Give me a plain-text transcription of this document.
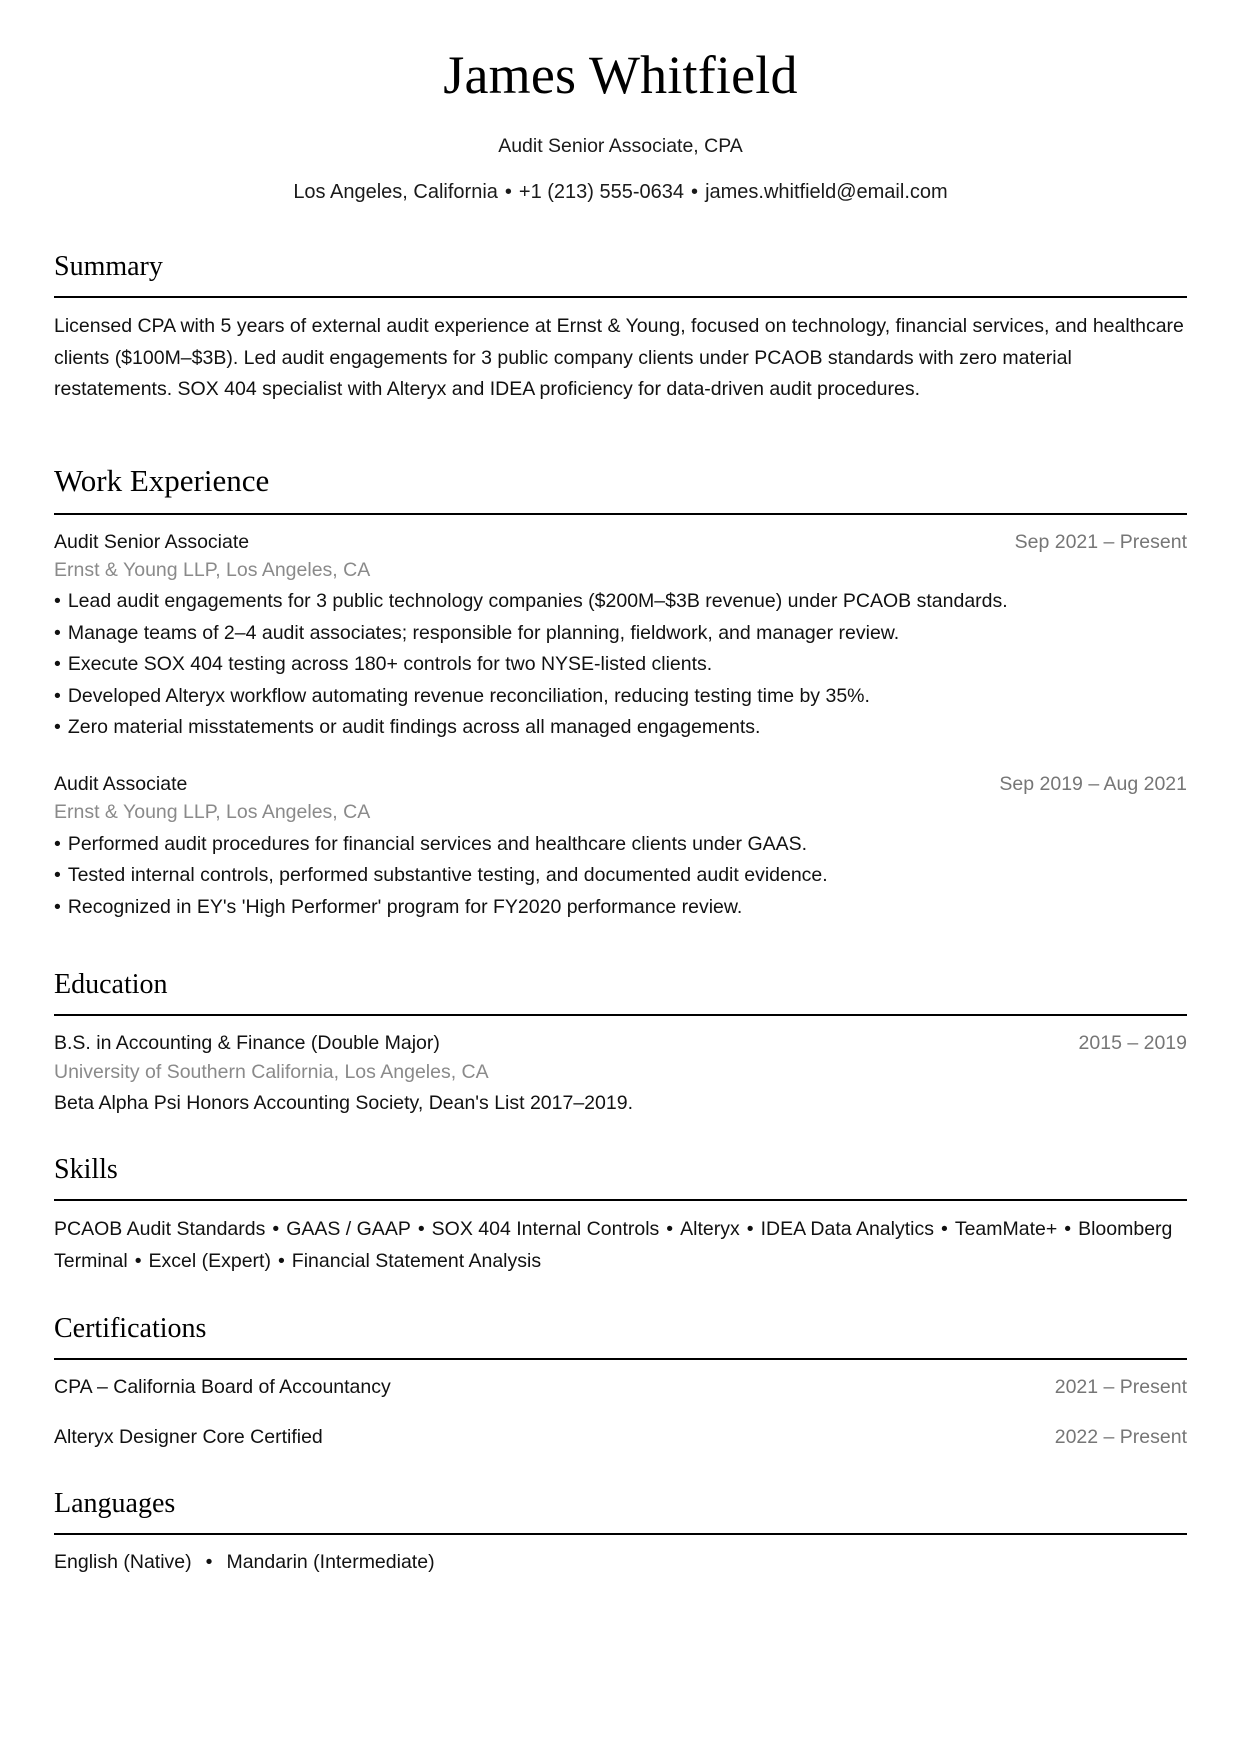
James Whitfield
Audit Senior Associate, CPA
Los Angeles, California • +1 (213) 555-0634 • james.whitfield@email.com
Summary

Licensed CPA with 5 years of external audit experience at Ernst & Young, focused on technology, financial services, and healthcare clients ($100M–$3B). Led audit engagements for 3 public company clients under PCAOB standards with zero material restatements. SOX 404 specialist with Alteryx and IDEA proficiency for data-driven audit procedures.

Work Experience
Audit Senior Associate	Sep 2021 – Present
Ernst & Young LLP, Los Angeles, CA
• Lead audit engagements for 3 public technology companies ($200M–$3B revenue) under PCAOB standards.
• Manage teams of 2–4 audit associates; responsible for planning, fieldwork, and manager review.
• Execute SOX 404 testing across 180+ controls for two NYSE-listed clients.
• Developed Alteryx workflow automating revenue reconciliation, reducing testing time by 35%.
• Zero material misstatements or audit findings across all managed engagements.
Audit Associate	Sep 2019 – Aug 2021
Ernst & Young LLP, Los Angeles, CA
• Performed audit procedures for financial services and healthcare clients under GAAS.
• Tested internal controls, performed substantive testing, and documented audit evidence.
• Recognized in EY's 'High Performer' program for FY2020 performance review.
Education
B.S. in Accounting & Finance (Double Major)	2015 – 2019
University of Southern California, Los Angeles, CA
Beta Alpha Psi Honors Accounting Society, Dean's List 2017–2019.
Skills
PCAOB Audit Standards • GAAS / GAAP • SOX 404 Internal Controls • Alteryx • IDEA Data Analytics • TeamMate+ • Bloomberg Terminal • Excel (Expert) • Financial Statement Analysis
Certifications
CPA – California Board of Accountancy	2021 – Present
Alteryx Designer Core Certified	2022 – Present
Languages
English (Native) • Mandarin (Intermediate)
